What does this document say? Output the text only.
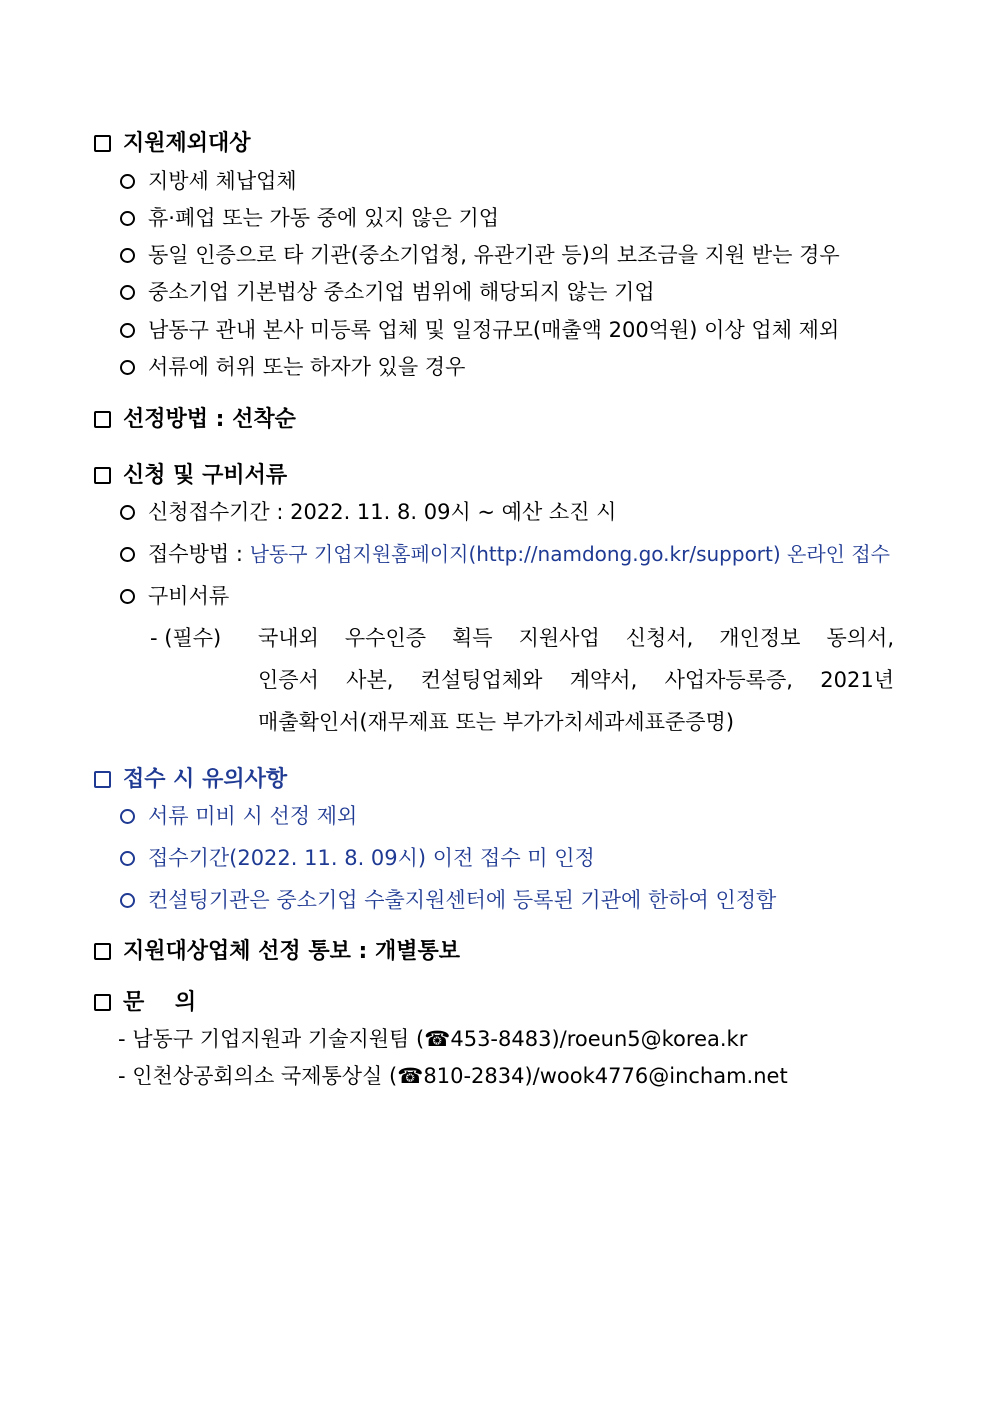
지원제외대상
지방세 체납업체
휴·폐업 또는 가동 중에 있지 않은 기업
동일 인증으로 타 기관(중소기업청, 유관기관 등)의 보조금을 지원 받는 경우
중소기업 기본법상 중소기업 범위에 해당되지 않는 기업
남동구 관내 본사 미등록 업체 및 일정규모(매출액 200억원) 이상 업체 제외
서류에 허위 또는 하자가 있을 경우
선정방법 : 선착순
신청 및 구비서류
신청접수기간 : 2022. 11. 8. 09시 ~ 예산 소진 시
접수방법 : 남동구 기업지원홈페이지(http://namdong.go.kr/support) 온라인 접수
구비서류
- (필수) 국내외 우수인증 획득 지원사업 신청서, 개인정보 동의서,
인증서 사본, 컨설팅업체와 계약서, 사업자등록증, 2021년
매출확인서(재무제표 또는 부가가치세과세표준증명)
접수 시 유의사항
서류 미비 시 선정 제외
접수기간(2022. 11. 8. 09시) 이전 접수 미 인정
컨설팅기관은 중소기업 수출지원센터에 등록된 기관에 한하여 인정함
지원대상업체 선정 통보 : 개별통보
문    의
- 남동구 기업지원과 기술지원팀 (☎453-8483)/roeun5@korea.kr
- 인천상공회의소 국제통상실 (☎810-2834)/wook4776@incham.net
